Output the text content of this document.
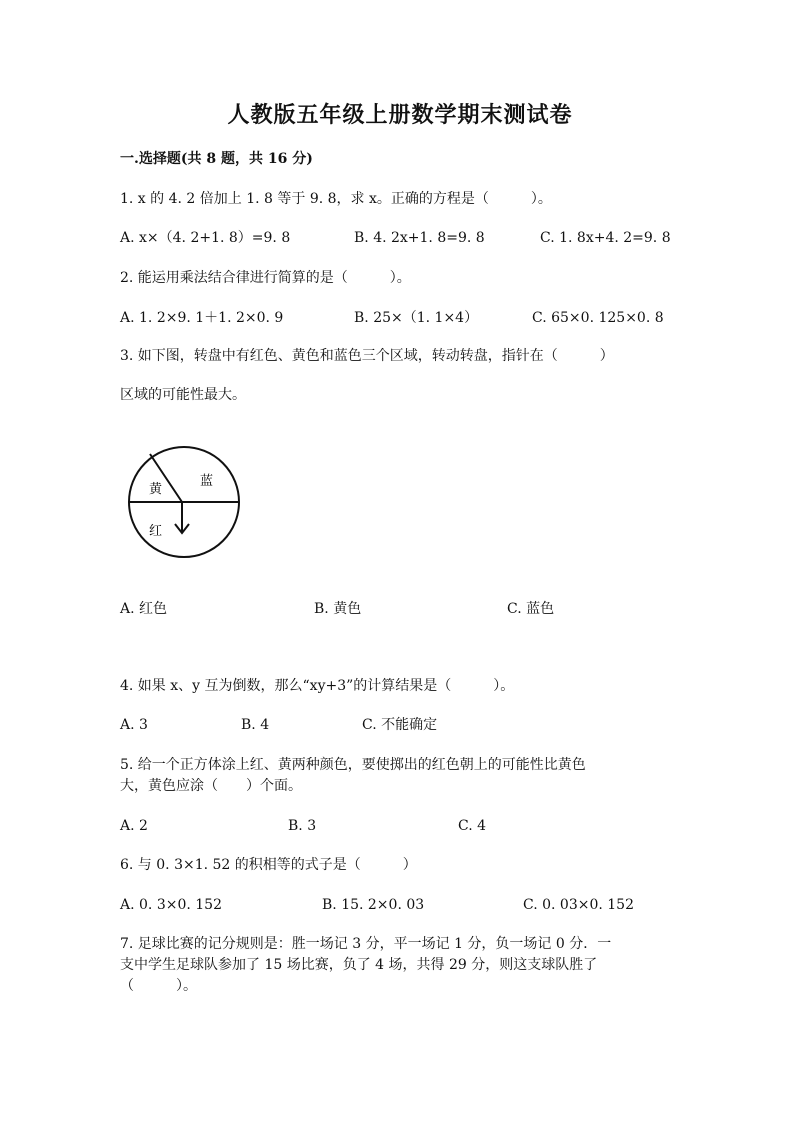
人教版五年级上册数学期末测试卷
一.选择题(共 8 题，共 16 分)
1. x 的 4. 2 倍加上 1. 8 等于 9. 8，求 x。正确的方程是（　　　）。
A. x×（4. 2+1. 8）=9. 8	B. 4. 2x+1. 8=9. 8	C. 1. 8x+4. 2=9. 8
2. 能运用乘法结合律进行简算的是（　　　）。
A. 1. 2×9. 1＋1. 2×0. 9	B. 25×（1. 1×4）	C. 65×0. 125×0. 8
3. 如下图，转盘中有红色、黄色和蓝色三个区域，转动转盘，指针在（　　　）
区域的可能性最大。
黄
蓝
红
A. 红色	B. 黄色	C. 蓝色
4. 如果 x、y 互为倒数，那么“xy+3”的计算结果是（　　　）。
A. 3	B. 4	C. 不能确定
5. 给一个正方体涂上红、黄两种颜色，要使掷出的红色朝上的可能性比黄色
大，黄色应涂（　　）个面。
A. 2	B. 3	C. 4
6. 与 0. 3×1. 52 的积相等的式子是（　　　）
A. 0. 3×0. 152	B. 15. 2×0. 03	C. 0. 03×0. 152
7. 足球比赛的记分规则是：胜一场记 3 分，平一场记 1 分，负一场记 0 分．一
支中学生足球队参加了 15 场比赛，负了 4 场，共得 29 分，则这支球队胜了
（　　　）。
